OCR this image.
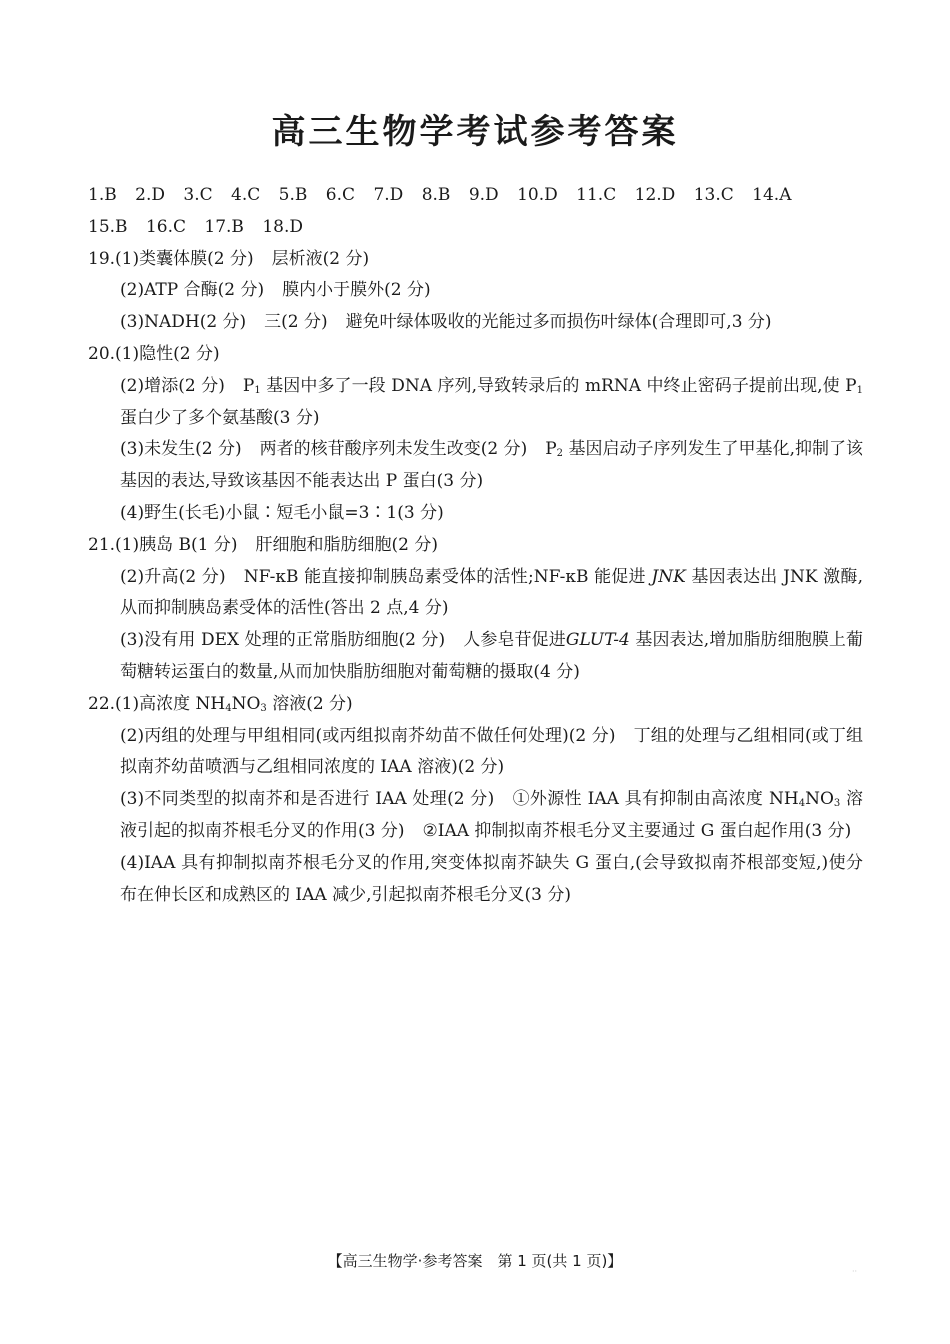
高三生物学考试参考答案
1.B 2.D 3.C 4.C 5.B 6.C 7.D 8.B 9.D 10.D 11.C 12.D 13.C 14.A
15.B 16.C 17.B 18.D

19.(1)类囊体膜(2 分) 层析液(2 分)

(2)ATP 合酶(2 分) 膜内小于膜外(2 分)

(3)NADH(2 分) 三(2 分) 避免叶绿体吸收的光能过多而损伤叶绿体(合理即可,3 分)

20.(1)隐性(2 分)

(2)增添(2 分) $P_1$ 基因中多了一段 DNA 序列,导致转录后的 mRNA 中终止密码子提前出现,使 $P_1$ 蛋白少了多个氨基酸(3 分)

(3)未发生(2 分) 两者的核苷酸序列未发生改变(2 分) $P_2$ 基因启动子序列发生了甲基化,抑制了该基因的表达,导致该基因不能表达出 P 蛋白(3 分)

(4)野生(长毛)小鼠∶短毛小鼠=3∶1(3 分)

21.(1)胰岛 B(1 分) 肝细胞和脂肪细胞(2 分)

(2)升高(2 分) NF-κB 能直接抑制胰岛素受体的活性;NF-κB 能促进 JNK 基因表达出 JNK 激酶,从而抑制胰岛素受体的活性(答出 2 点,4 分)

(3)没有用 DEX 处理的正常脂肪细胞(2 分) 人参皂苷促进GLUT-4 基因表达,增加脂肪细胞膜上葡萄糖转运蛋白的数量,从而加快脂肪细胞对葡萄糖的摄取(4 分)

22.(1)高浓度 $NH_4NO_3$ 溶液(2 分)

(2)丙组的处理与甲组相同(或丙组拟南芥幼苗不做任何处理)(2 分) 丁组的处理与乙组相同(或丁组拟南芥幼苗喷洒与乙组相同浓度的 IAA 溶液)(2 分)

(3)不同类型的拟南芥和是否进行 IAA 处理(2 分) ①外源性 IAA 具有抑制由高浓度 $NH_4NO_3$ 溶液引起的拟南芥根毛分叉的作用(3 分) ②IAA 抑制拟南芥根毛分叉主要通过 G 蛋白起作用(3 分)

(4)IAA 具有抑制拟南芥根毛分叉的作用,突变体拟南芥缺失 G 蛋白,(会导致拟南芥根部变短,)使分布在伸长区和成熟区的 IAA 减少,引起拟南芥根毛分叉(3 分)

【高三生物学·参考答案　第 1 页(共 1 页)】
··
